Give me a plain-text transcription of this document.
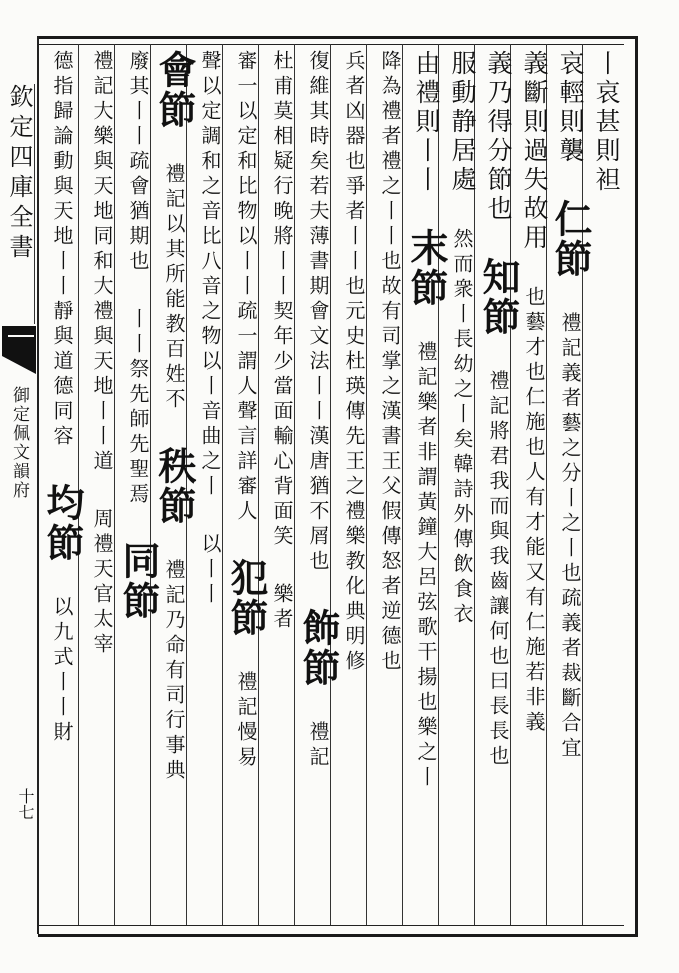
欽定四庫全書
御定佩文韻府
十七
丨哀甚則袒
哀輕則襲 仁節 禮記義者藝之分丨之丨也疏義者裁斷合宜
義斷則過失故用 也藝才也仁施也人有才能又有仁施若非義
義乃得分節也 知節 禮記將君我而與我齒讓何也曰長長也
服動静居處 然而衆丨長幼之丨矣韓詩外傳飲食衣
由禮則丨丨 末節 禮記樂者非謂黃鐘大呂弦歌干揚也樂之丨
降為禮者禮之丨丨也故有司掌之漢書王父假傳怒者逆德也
兵者凶器也爭者丨丨也元史杜瑛傳先王之禮樂教化典明修
復維其時矣若夫薄書期會文法丨丨漢唐猶不屑也 飾節 禮記
杜甫莫相疑行晚將丨丨契年少當面輸心背面笑 樂者
審一以定和比物以丨丨疏一謂人聲言詳審人 犯節 禮記慢易
聲以定調和之音比八音之物以丨音曲之丨 以丨丨
會節 禮記以其所能教百姓不 秩節 禮記乃命有司行事典
廢其丨丨疏會猶期也 丨丨祭先師先聖焉 同節
禮記大樂與天地同和大禮與天地丨丨道 周禮天官太宰
德指歸論動與天地丨丨靜與道德同容 均節 以九式丨丨財
